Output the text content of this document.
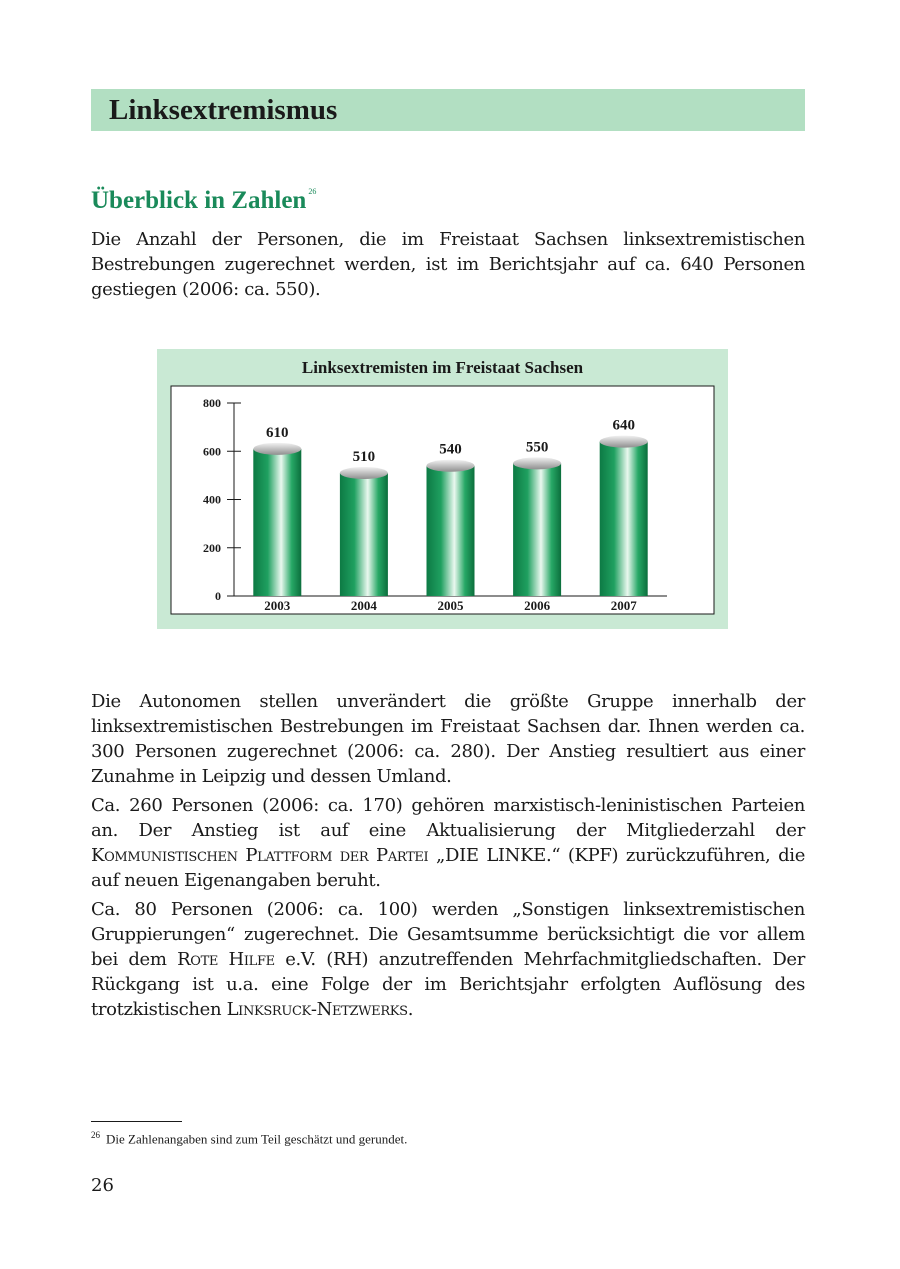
Linksextremismus
Überblick in Zahlen $^{26}$

Die Anzahl der Personen, die im Freistaat Sachsen linksextremistischen Bestrebungen zugerechnet werden, ist im Berichtsjahr auf ca. 640 Personen gestiegen (2006: ca. 550).

Linksextremisten im Freistaat Sachsen
0
200
400
600
800
610
2003
510
2004
540
2005
550
2006
640
2007

Die Autonomen stellen unverändert die größte Gruppe innerhalb der linksextremistischen Bestrebungen im Freistaat Sachsen dar. Ihnen werden ca. 300 Personen zugerechnet (2006: ca. 280). Der Anstieg resultiert aus einer Zunahme in Leipzig und dessen Umland.

Ca. 260 Personen (2006: ca. 170) gehören marxistisch-leninistischen Parteien an. Der Anstieg ist auf eine Aktualisierung der Mitgliederzahl der Kommunistischen Plattform der Partei „DIE LINKE.“ (KPF) zurückzuführen, die auf neuen Eigenangaben beruht.

Ca. 80 Personen (2006: ca. 100) werden „Sonstigen linksextremistischen Gruppierungen“ zugerechnet. Die Gesamtsumme berücksichtigt die vor allem bei dem Rote Hilfe e.V. (RH) anzutreffenden Mehrfachmitgliedschaften. Der Rückgang ist u.a. eine Folge der im Berichtsjahr erfolgten Auflösung des trotzkistischen Linksruck-Netzwerks.

$^{26}$ Die Zahlenangaben sind zum Teil geschätzt und gerundet.

26
